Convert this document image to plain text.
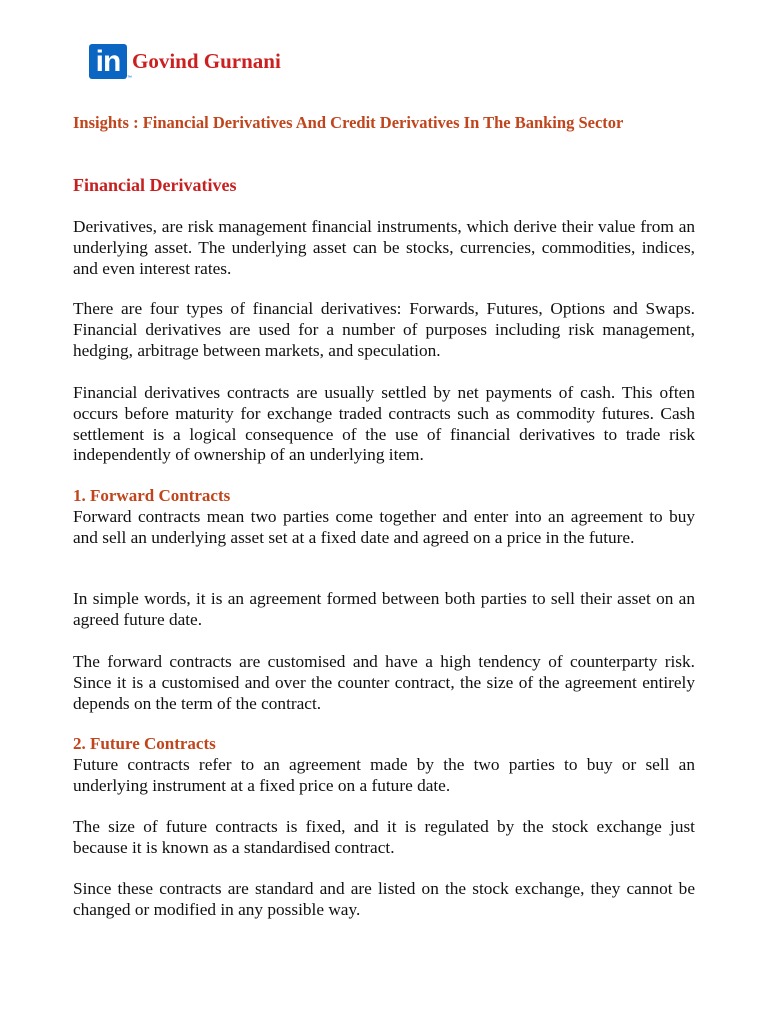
in ™
Govind Gurnani

Insights : Financial Derivatives And Credit Derivatives In The Banking Sector

Financial Derivatives

Derivatives, are risk management financial instruments, which derive their value from an underlying asset. The underlying asset can be stocks, currencies, commodities, indices, and even interest rates.

There are four types of financial derivatives: Forwards, Futures, Options and Swaps. Financial derivatives are used for a number of purposes including risk management, hedging, arbitrage between markets, and speculation.

Financial derivatives contracts are usually settled by net payments of cash. This often occurs before maturity for exchange traded contracts such as commodity futures. Cash settlement is a logical consequence of the use of financial derivatives to trade risk independently of ownership of an underlying item.

1. Forward Contracts

Forward contracts mean two parties come together and enter into an agreement to buy and sell an underlying asset set at a fixed date and agreed on a price in the future.

In simple words, it is an agreement formed between both parties to sell their asset on an agreed future date.

The forward contracts are customised and have a high tendency of counterparty risk. Since it is a customised and over the counter contract, the size of the agreement entirely depends on the term of the contract.

2. Future Contracts

Future contracts refer to an agreement made by the two parties to buy or sell an underlying instrument at a fixed price on a future date.

The size of future contracts is fixed, and it is regulated by the stock exchange just because it is known as a standardised contract.

Since these contracts are standard and are listed on the stock exchange, they cannot be changed or modified in any possible way.
